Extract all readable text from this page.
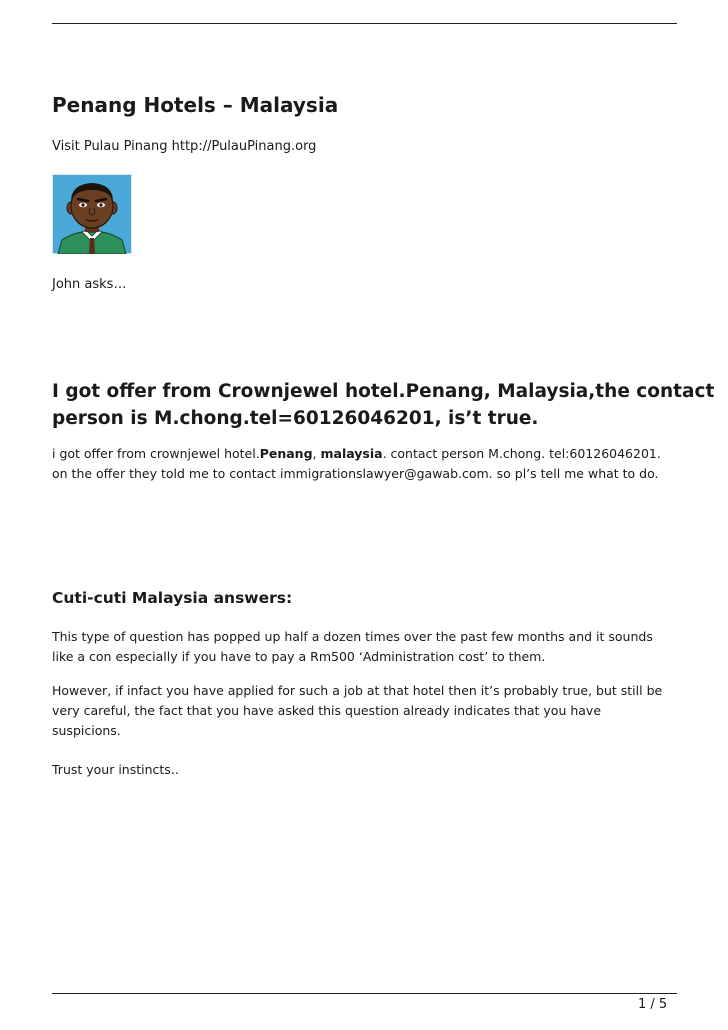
Penang Hotels – Malaysia

Visit Pulau Pinang http://PulauPinang.org

John asks…

I got offer from Crownjewel hotel.Penang, Malaysia,the contact
person is M.chong.tel=60126046201, is’t true.

i got offer from crownjewel hotel.Penang, malaysia. contact person M.chong. tel:60126046201.
on the offer they told me to contact immigrationslawyer@gawab.com. so pl’s tell me what to do.

Cuti-cuti Malaysia answers:

This type of question has popped up half a dozen times over the past few months and it sounds
like a con especially if you have to pay a Rm500 ‘Administration cost’ to them.

However, if infact you have applied for such a job at that hotel then it’s probably true, but still be
very careful, the fact that you have asked this question already indicates that you have
suspicions.

Trust your instincts..

1 / 5
